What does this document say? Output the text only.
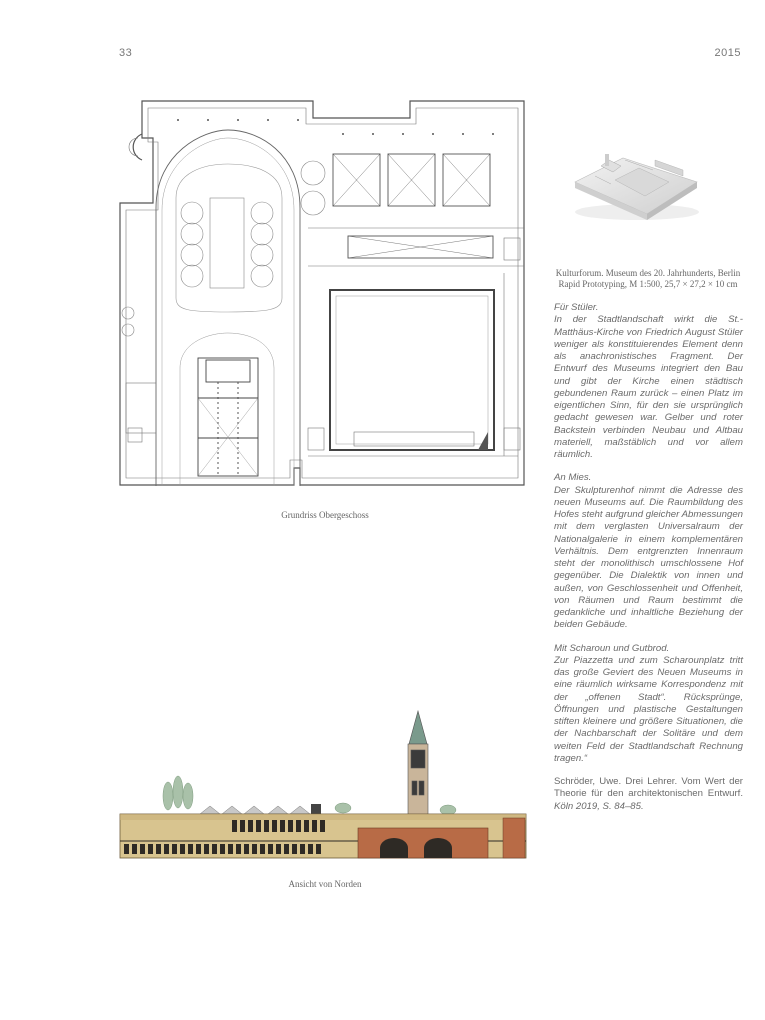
33	2015
Grundriss Obergeschoss
Kulturforum. Museum des 20. Jahrhunderts, Berlin
Rapid Prototyping, M 1:500, 25,7 × 27,2 × 10 cm

Für Stüler.
In der Stadtlandschaft wirkt die St.-Matthäus-Kirche von Friedrich August Stüler weniger als konstituierendes Element denn als anachronistisches Fragment. Der Entwurf des Museums integriert den Bau und gibt der Kirche einen städtisch gebundenen Raum zurück – einen Platz im eigentlichen Sinn, für den sie ursprünglich gedacht gewesen war. Gelber und roter Backstein verbinden Neubau und Altbau materiell, maßstäblich und vor allem räumlich.

An Mies.
Der Skulpturenhof nimmt die Adresse des neuen Museums auf. Die Raumbildung des Hofes steht aufgrund gleicher Abmessungen mit dem verglasten Universalraum der Nationalgalerie in einem komplementären Verhältnis. Dem entgrenzten Innenraum steht der monolithisch umschlossene Hof gegenüber. Die Dialektik von innen und außen, von Geschlossenheit und Offenheit, von Räumen und Raum bestimmt die gedankliche und inhaltliche Beziehung der beiden Gebäude.

Mit Scharoun und Gutbrod.
Zur Piazzetta und zum Scharounplatz tritt das große Geviert des Neuen Museums in eine räumlich wirksame Korrespondenz mit der „offenen Stadt“. Rücksprünge, Öffnungen und plastische Gestaltungen stiften kleinere und größere Situationen, die der Nachbarschaft der Solitäre und dem weiten Feld der Stadtlandschaft Rechnung tragen.“

Schröder, Uwe. Drei Lehrer. Vom Wert der Theorie für den architektonischen Entwurf. Köln 2019, S. 84–85.

Ansicht von Norden
